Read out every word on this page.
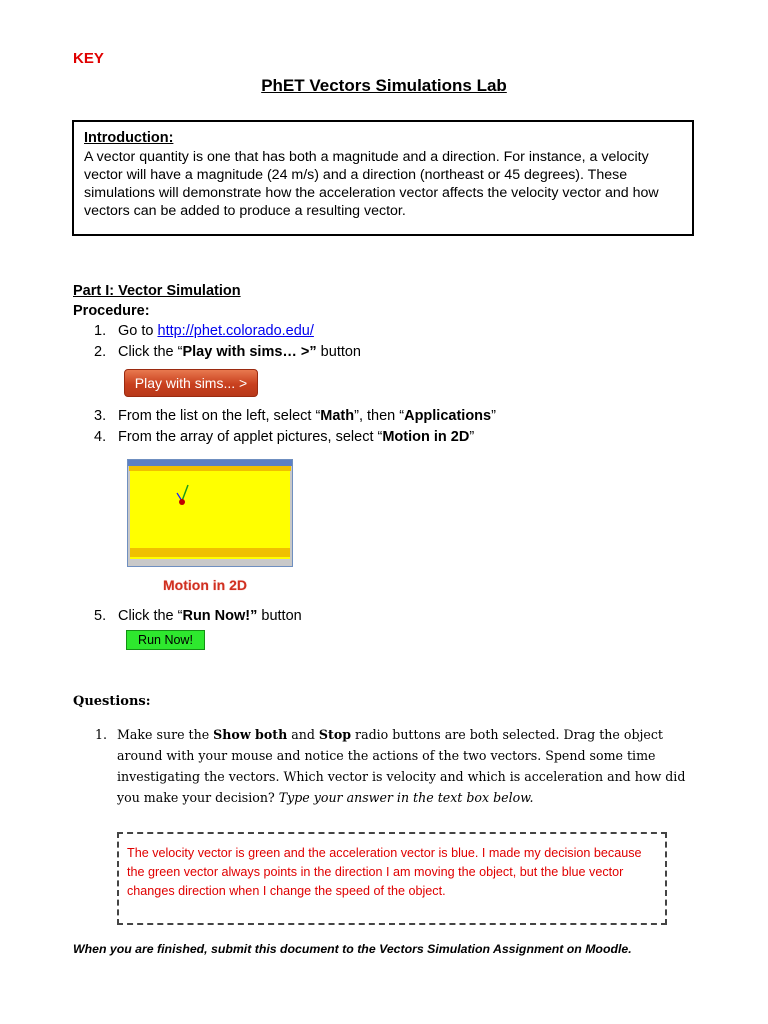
KEY
PhET Vectors Simulations Lab
Introduction:
A vector quantity is one that has both a magnitude and a direction. For instance, a velocity vector will have a magnitude (24 m/s) and a direction (northeast or 45 degrees). These simulations will demonstrate how the acceleration vector affects the velocity vector and how vectors can be added to produce a resulting vector.
Part I: Vector Simulation
Procedure:
1. Go to http://phet.colorado.edu/
2. Click the “Play with sims… >” button
Play with sims... >
3. From the list on the left, select “Math”, then “Applications”
4. From the array of applet pictures, select “Motion in 2D”
Motion in 2D
5. Click the “Run Now!” button
Run Now!
Questions:
1. Make sure the Show both and Stop radio buttons are both selected. Drag the object around with your mouse and notice the actions of the two vectors. Spend some time investigating the vectors. Which vector is velocity and which is acceleration and how did you make your decision? Type your answer in the text box below.
The velocity vector is green and the acceleration vector is blue. I made my decision because the green vector always points in the direction I am moving the object, but the blue vector changes direction when I change the speed of the object.
When you are finished, submit this document to the Vectors Simulation Assignment on Moodle.
